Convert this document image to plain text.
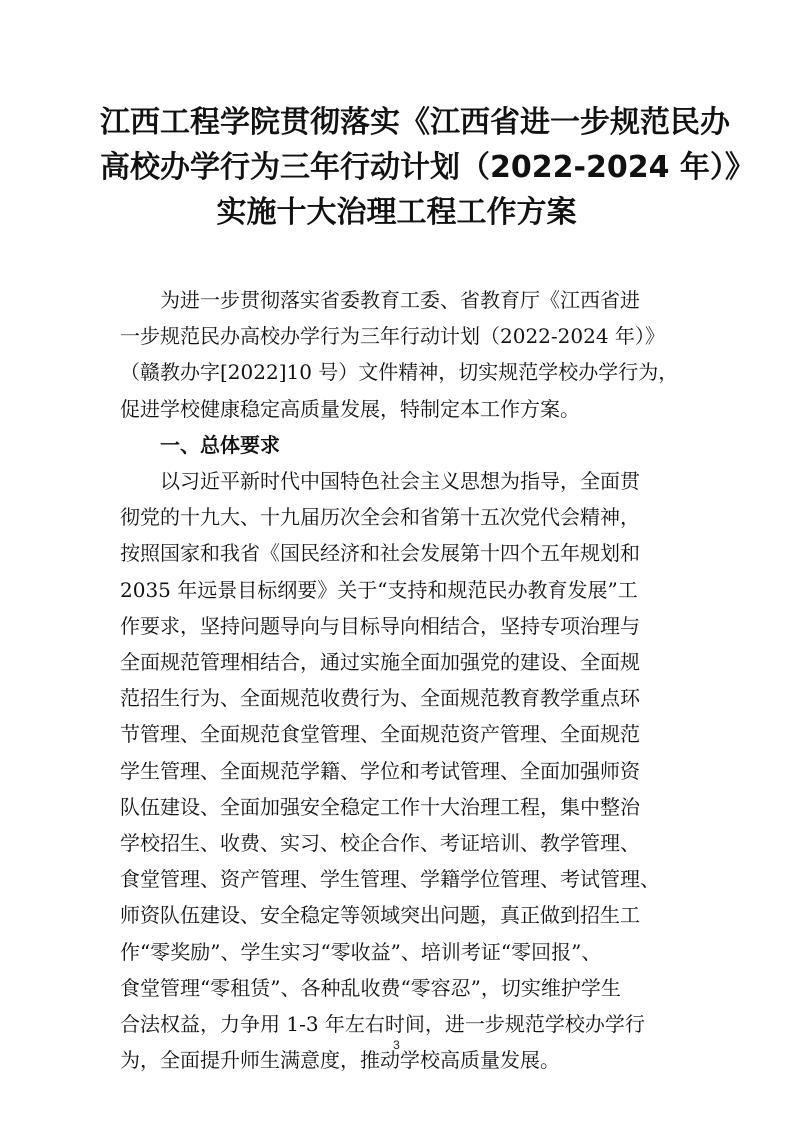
江西工程学院贯彻落实《江西省进一步规范民办
高校办学行为三年行动计划（2022-2024 年）》
实施十大治理工程工作方案
为进一步贯彻落实省委教育工委、省教育厅《江西省进
一步规范民办高校办学行为三年行动计划（2022-2024 年）》
（赣教办字[2022]10 号）文件精神，切实规范学校办学行为，
促进学校健康稳定高质量发展，特制定本工作方案。
一、总体要求
以习近平新时代中国特色社会主义思想为指导，全面贯
彻党的十九大、十九届历次全会和省第十五次党代会精神，
按照国家和我省《国民经济和社会发展第十四个五年规划和
2035 年远景目标纲要》关于“支持和规范民办教育发展”工
作要求，坚持问题导向与目标导向相结合，坚持专项治理与
全面规范管理相结合，通过实施全面加强党的建设、全面规
范招生行为、全面规范收费行为、全面规范教育教学重点环
节管理、全面规范食堂管理、全面规范资产管理、全面规范
学生管理、全面规范学籍、学位和考试管理、全面加强师资
队伍建设、全面加强安全稳定工作十大治理工程，集中整治
学校招生、收费、实习、校企合作、考证培训、教学管理、
食堂管理、资产管理、学生管理、学籍学位管理、考试管理、
师资队伍建设、安全稳定等领域突出问题，真正做到招生工
作“零奖励”、学生实习“零收益”、培训考证“零回报”、
食堂管理“零租赁”、各种乱收费“零容忍”，切实维护学生
合法权益，力争用 1-3 年左右时间，进一步规范学校办学行
为，全面提升师生满意度，推动学校高质量发展。
3
